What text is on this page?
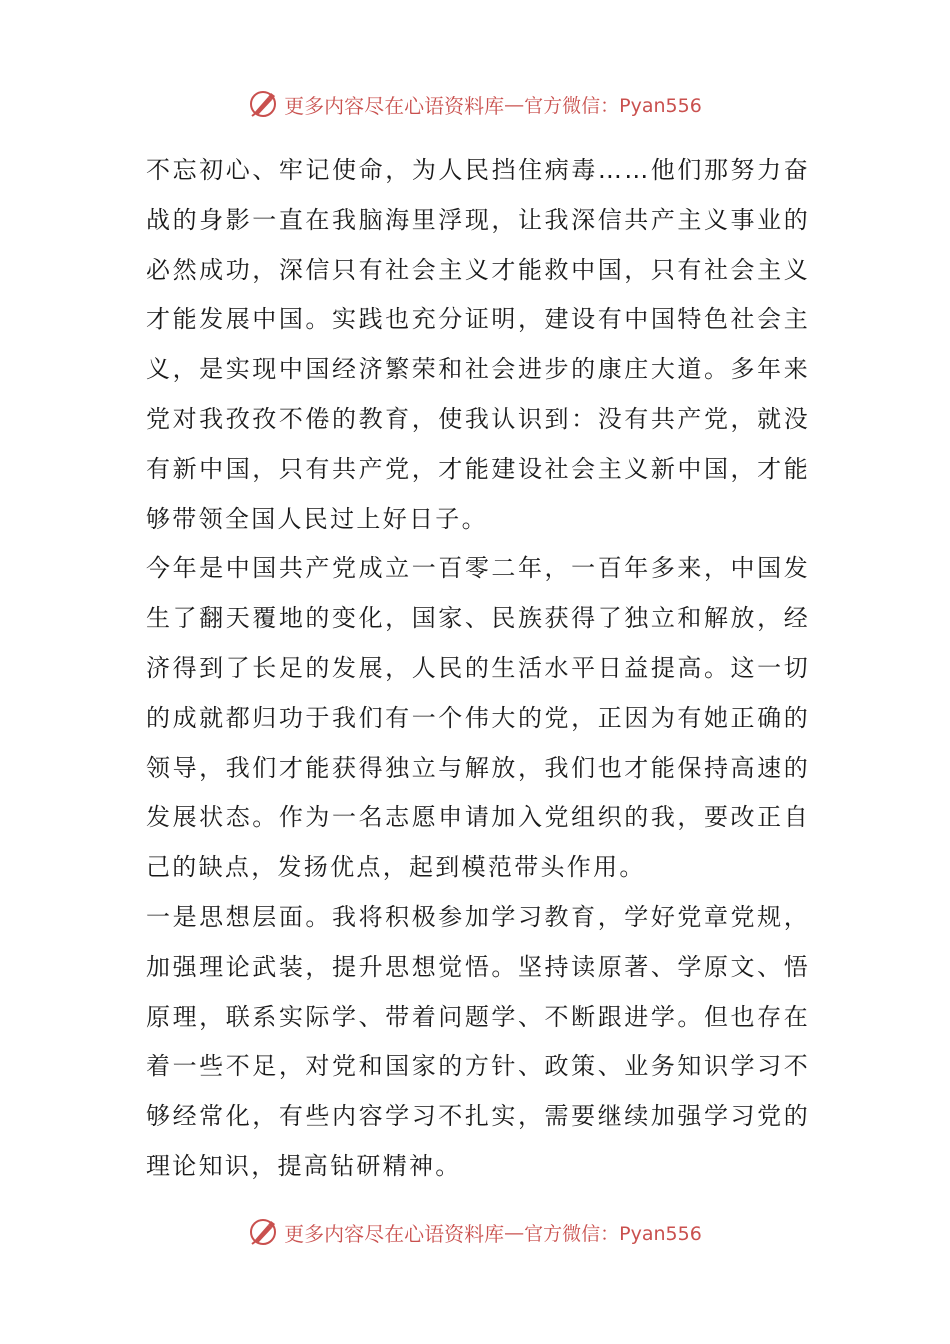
更多内容尽在心语资料库 — 官方微信：Pyan556

不忘初心、牢记使命，为人民挡住病毒……他们那努力奋战的身影一直在我脑海里浮现，让我深信共产主义事业的必然成功，深信只有社会主义才能救中国，只有社会主义才能发展中国。实践也充分证明，建设有中国特色社会主义，是实现中国经济繁荣和社会进步的康庄大道。多年来党对我孜孜不倦的教育，使我认识到：没有共产党，就没有新中国，只有共产党，才能建设社会主义新中国，才能够带领全国人民过上好日子。

今年是中国共产党成立一百零二年，一百年多来，中国发生了翻天覆地的变化，国家、民族获得了独立和解放，经济得到了长足的发展，人民的生活水平日益提高。这一切的成就都归功于我们有一个伟大的党，正因为有她正确的领导，我们才能获得独立与解放，我们也才能保持高速的发展状态。作为一名志愿申请加入党组织的我，要改正自己的缺点，发扬优点，起到模范带头作用。

一是思想层面。我将积极参加学习教育，学好党章党规，加强理论武装，提升思想觉悟。坚持读原著、学原文、悟原理，联系实际学、带着问题学、不断跟进学。但也存在着一些不足，对党和国家的方针、政策、业务知识学习不够经常化，有些内容学习不扎实，需要继续加强学习党的理论知识，提高钻研精神。

更多内容尽在心语资料库 — 官方微信：Pyan556
